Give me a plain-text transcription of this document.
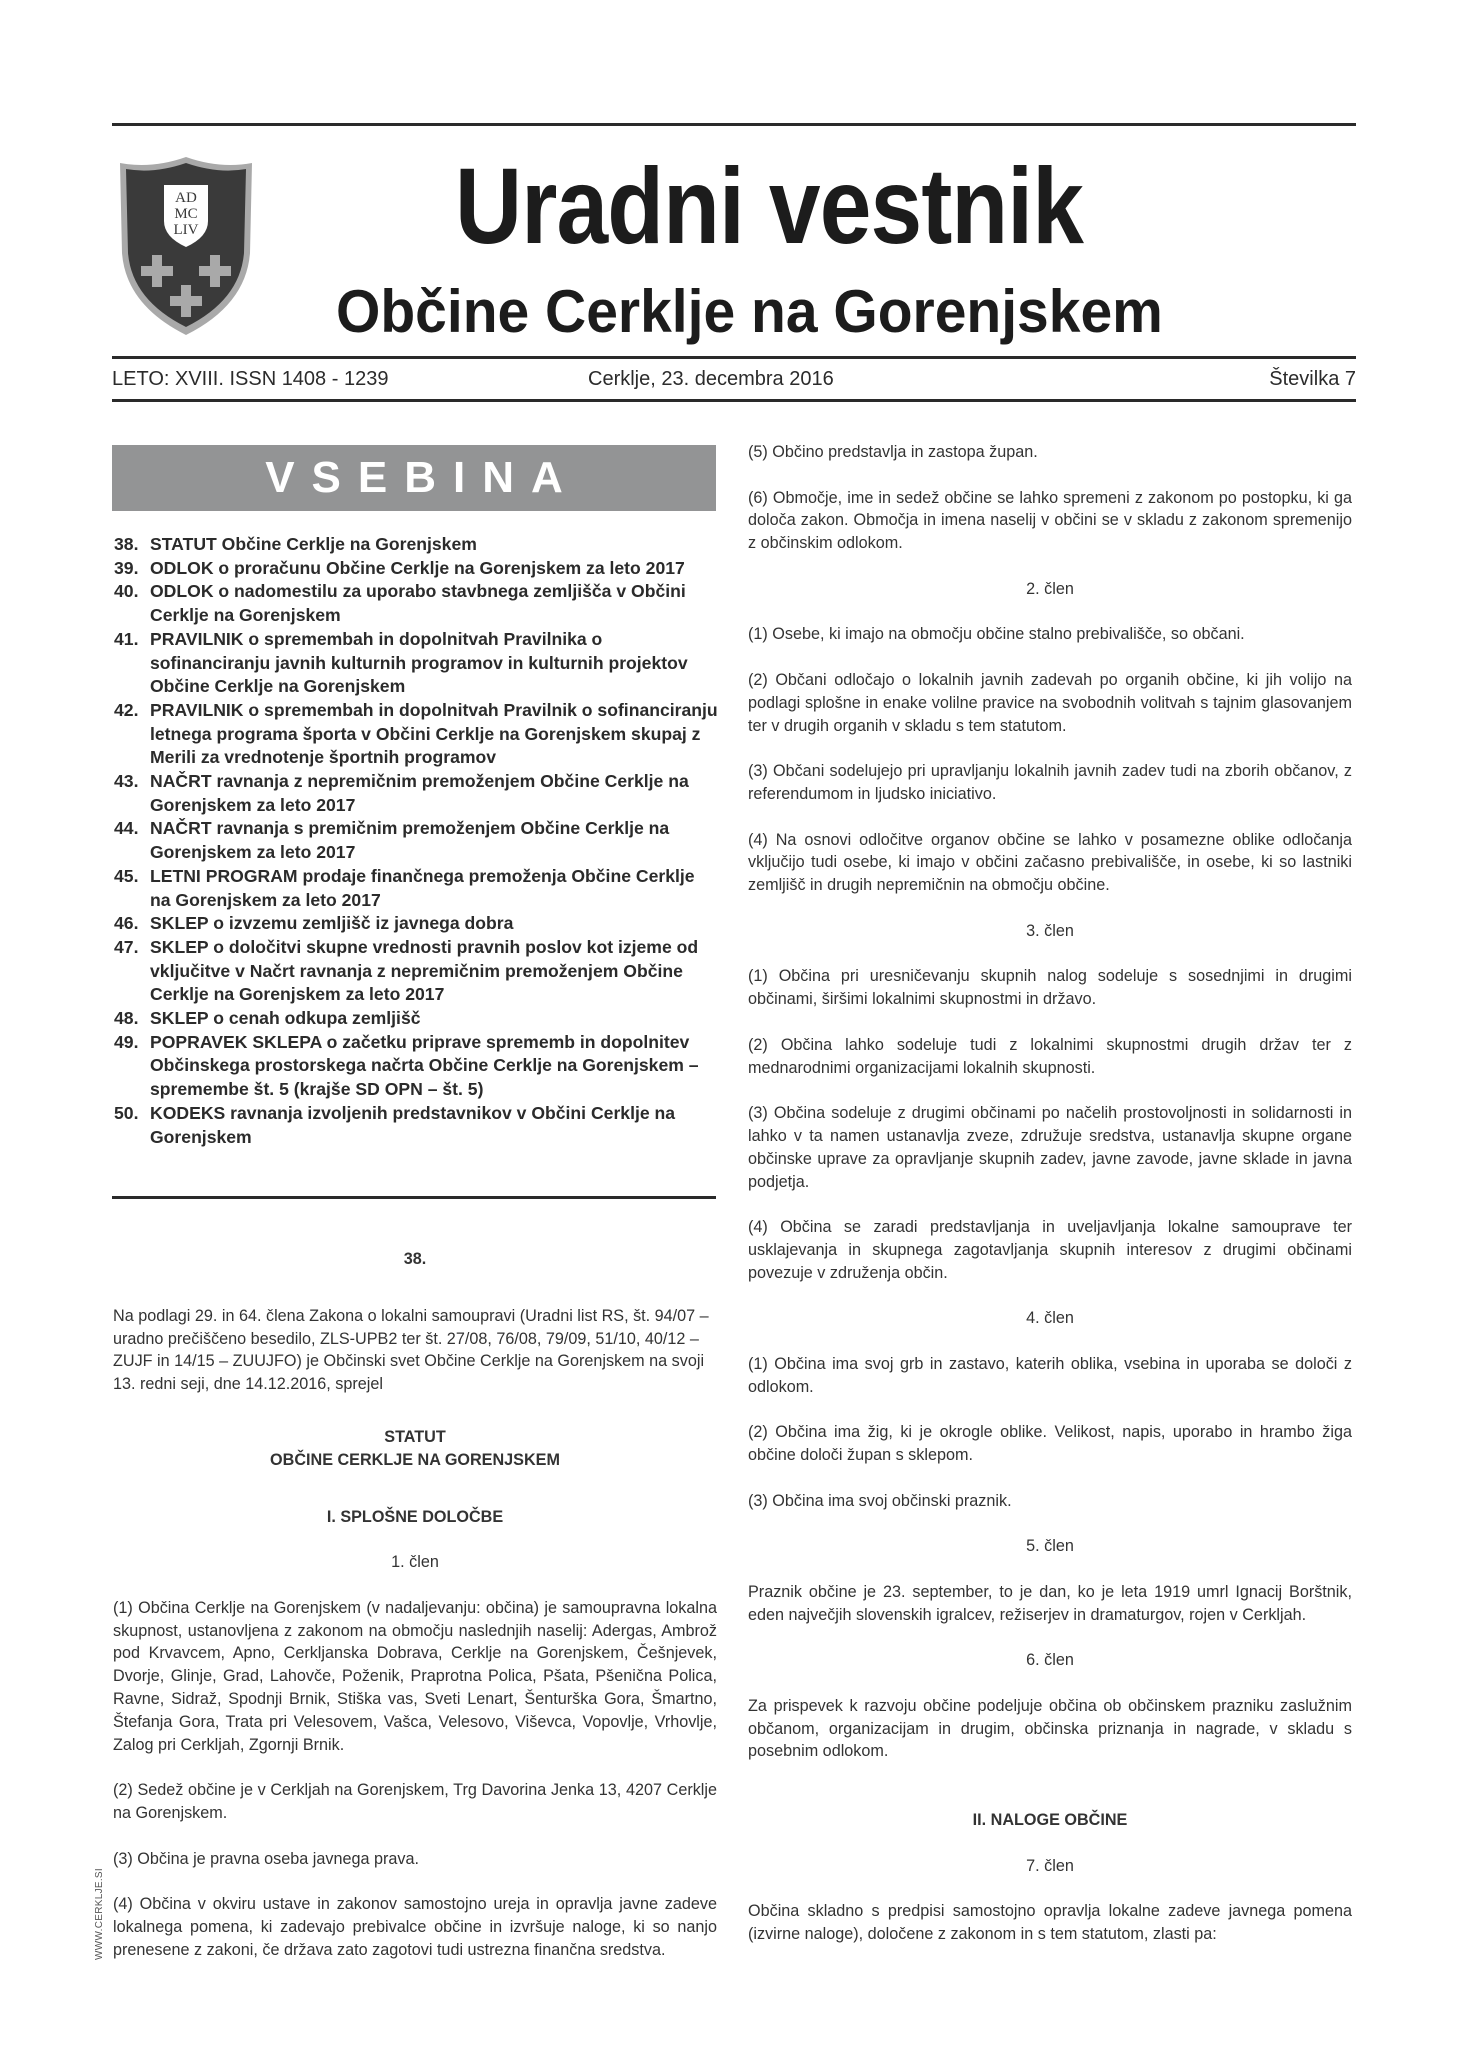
AD
MC
LIV Uradni vestnik
Občine Cerklje na Gorenjskem
LETO: XVIII. ISSN 1408 - 1239	Cerklje, 23. decembra 2016	Številka 7
VSEBINA
38. STATUT Občine Cerklje na Gorenjskem
39. ODLOK o proračunu Občine Cerklje na Gorenjskem za leto 2017
40. ODLOK o nadomestilu za uporabo stavbnega zemljišča v Občini Cerklje na Gorenjskem
41. PRAVILNIK o spremembah in dopolnitvah Pravilnika o sofinanciranju javnih kulturnih programov in kulturnih projektov Občine Cerklje na Gorenjskem
42. PRAVILNIK o spremembah in dopolnitvah Pravilnik o sofinanciranju letnega programa športa v Občini Cerklje na Gorenjskem skupaj z Merili za vrednotenje športnih programov
43. NAČRT ravnanja z nepremičnim premoženjem Občine Cerklje na Gorenjskem za leto 2017
44. NAČRT ravnanja s premičnim premoženjem Občine Cerklje na Gorenjskem za leto 2017
45. LETNI PROGRAM prodaje finančnega premoženja Občine Cerklje na Gorenjskem za leto 2017
46. SKLEP o izvzemu zemljišč iz javnega dobra
47. SKLEP o določitvi skupne vrednosti pravnih poslov kot izjeme od vključitve v Načrt ravnanja z nepremičnim premoženjem Občine Cerklje na Gorenjskem za leto 2017
48. SKLEP o cenah odkupa zemljišč
49. POPRAVEK SKLEPA o začetku priprave sprememb in dopolnitev Občinskega prostorskega načrta Občine Cerklje na Gorenjskem – spremembe št. 5 (krajše SD OPN – št. 5)
50. KODEKS ravnanja izvoljenih predstavnikov v Občini Cerklje na Gorenjskem

38.

Na podlagi 29. in 64. člena Zakona o lokalni samoupravi (Uradni list RS, št. 94/07 – uradno prečiščeno besedilo, ZLS-UPB2 ter št. 27/08, 76/08, 79/09, 51/10, 40/12 – ZUJF in 14/15 – ZUUJFO) je Občinski svet Občine Cerklje na Gorenjskem na svoji 13. redni seji, dne 14.12.2016, sprejel

STATUT

OBČINE CERKLJE NA GORENJSKEM

I. SPLOŠNE DOLOČBE

1. člen

(1) Občina Cerklje na Gorenjskem (v nadaljevanju: občina) je samoupravna lokalna skupnost, ustanovljena z zakonom na območju naslednjih naselij: Adergas, Ambrož pod Krvavcem, Apno, Cerkljanska Dobrava, Cerklje na Gorenjskem, Češnjevek, Dvorje, Glinje, Grad, Lahovče, Poženik, Praprotna Polica, Pšata, Pšenična Polica, Ravne, Sidraž, Spodnji Brnik, Stiška vas, Sveti Lenart, Šenturška Gora, Šmartno, Štefanja Gora, Trata pri Velesovem, Vašca, Velesovo, Viševca, Vopovlje, Vrhovlje, Zalog pri Cerkljah, Zgornji Brnik.

(2) Sedež občine je v Cerkljah na Gorenjskem, Trg Davorina Jenka 13, 4207 Cerklje na Gorenjskem.

(3) Občina je pravna oseba javnega prava.

(4) Občina v okviru ustave in zakonov samostojno ureja in opravlja javne zadeve lokalnega pomena, ki zadevajo prebivalce občine in izvršuje naloge, ki so nanjo prenesene z zakoni, če država zato zagotovi tudi ustrezna finančna sredstva.

(5) Občino predstavlja in zastopa župan.

(6) Območje, ime in sedež občine se lahko spremeni z zakonom po postopku, ki ga določa zakon. Območja in imena naselij v občini se v skladu z zakonom spremenijo z občinskim odlokom.

2. člen

(1) Osebe, ki imajo na območju občine stalno prebivališče, so občani.

(2) Občani odločajo o lokalnih javnih zadevah po organih občine, ki jih volijo na podlagi splošne in enake volilne pravice na svobodnih volitvah s tajnim glasovanjem ter v drugih organih v skladu s tem statutom.

(3) Občani sodelujejo pri upravljanju lokalnih javnih zadev tudi na zborih občanov, z referendumom in ljudsko iniciativo.

(4) Na osnovi odločitve organov občine se lahko v posamezne oblike odločanja vključijo tudi osebe, ki imajo v občini začasno prebivališče, in osebe, ki so lastniki zemljišč in drugih nepremičnin na območju občine.

3. člen

(1) Občina pri uresničevanju skupnih nalog sodeluje s sosednjimi in drugimi občinami, širšimi lokalnimi skupnostmi in državo.

(2) Občina lahko sodeluje tudi z lokalnimi skupnostmi drugih držav ter z mednarodnimi organizacijami lokalnih skupnosti.

(3) Občina sodeluje z drugimi občinami po načelih prostovoljnosti in solidarnosti in lahko v ta namen ustanavlja zveze, združuje sredstva, ustanavlja skupne organe občinske uprave za opravljanje skupnih zadev, javne zavode, javne sklade in javna podjetja.

(4) Občina se zaradi predstavljanja in uveljavljanja lokalne samouprave ter usklajevanja in skupnega zagotavljanja skupnih interesov z drugimi občinami povezuje v združenja občin.

4. člen

(1) Občina ima svoj grb in zastavo, katerih oblika, vsebina in uporaba se določi z odlokom.

(2) Občina ima žig, ki je okrogle oblike. Velikost, napis, uporabo in hrambo žiga občine določi župan s sklepom.

(3) Občina ima svoj občinski praznik.

5. člen

Praznik občine je 23. september, to je dan, ko je leta 1919 umrl Ignacij Borštnik, eden največjih slovenskih igralcev, režiserjev in dramaturgov, rojen v Cerkljah.

6. člen

Za prispevek k razvoju občine podeljuje občina ob občinskem prazniku zaslužnim občanom, organizacijam in drugim, občinska priznanja in nagrade, v skladu s posebnim odlokom.

II. NALOGE OBČINE

7. člen

Občina skladno s predpisi samostojno opravlja lokalne zadeve javnega pomena (izvirne naloge), določene z zakonom in s tem statutom, zlasti pa:

WWW.CERKLJE.SI
